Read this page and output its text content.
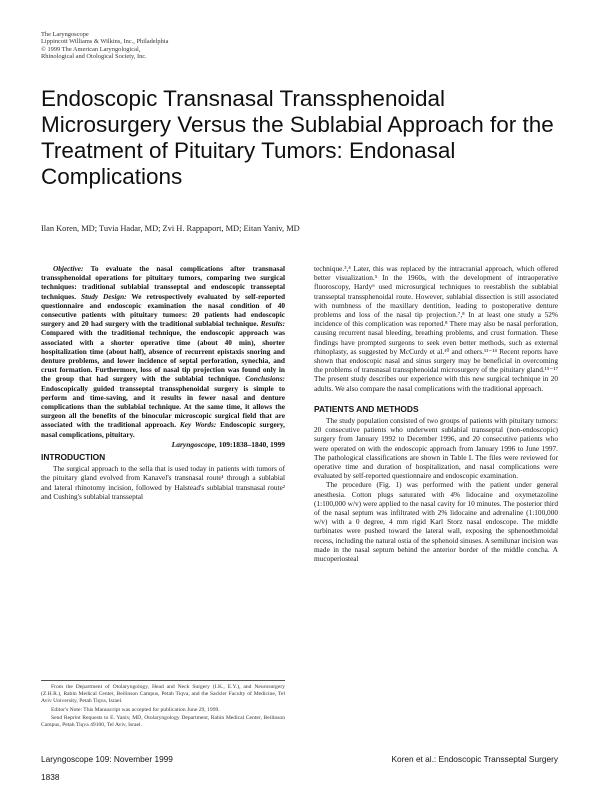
The Laryngoscope
Lippincott Williams & Wilkins, Inc., Philadelphia
© 1999 The American Laryngological,
Rhinological and Otological Society, Inc.
Endoscopic Transnasal Transsphenoidal Microsurgery Versus the Sublabial Approach for the Treatment of Pituitary Tumors: Endonasal Complications
Ilan Koren, MD; Tuvia Hadar, MD; Zvi H. Rappaport, MD; Eitan Yaniv, MD

Objective: To evaluate the nasal complications after transnasal transsphenoidal operations for pituitary tumors, comparing two surgical techniques: traditional sublabial transseptal and endoscopic transseptal techniques. Study Design: We retrospectively evaluated by self-reported questionnaire and endoscopic examination the nasal condition of 40 consecutive patients with pituitary tumors: 20 patients had endoscopic surgery and 20 had surgery with the traditional sublabial technique. Results: Compared with the traditional technique, the endoscopic approach was associated with a shorter operative time (about 40 min), shorter hospitalization time (about half), absence of recurrent epistaxis snoring and denture problems, and lower incidence of septal perforation, synechia, and crust formation. Furthermore, loss of nasal tip projection was found only in the group that had surgery with the sublabial technique. Conclusions: Endoscopically guided transseptal transsphenoidal surgery is simple to perform and time-saving, and it results in fewer nasal and denture complications than the sublabial technique. At the same time, it allows the surgeon all the benefits of the binocular microscopic surgical field that are associated with the traditional approach. Key Words: Endoscopic surgery, nasal complications, pituitary.

Laryngoscope, 109:1838–1840, 1999
INTRODUCTION

The surgical approach to the sella that is used today in patients with tumors of the pituitary gland evolved from Kanavel's transnasal route¹ through a sublabial and lateral rhinotomy incision, followed by Halstead's sublabial transnasal route² and Cushing's sublabial transseptal

technique.³,⁴ Later, this was replaced by the intracranial approach, which offered better visualization.⁵ In the 1960s, with the development of intraoperative fluoroscopy, Hardy⁶ used microsurgical techniques to reestablish the sublabial transseptal transsphenoidal route. However, sublabial dissection is still associated with numbness of the maxillary dentition, leading to postoperative denture problems and loss of the nasal tip projection.⁷,⁸ In at least one study a 52% incidence of this complication was reported.⁸ There may also be nasal perforation, causing recurrent nasal bleeding, breathing problems, and crust formation. These findings have prompted surgeons to seek even better methods, such as external rhinoplasty, as suggested by McCurdy et al.¹⁰ and others.¹¹⁻¹⁴ Recent reports have shown that endoscopic nasal and sinus surgery may be beneficial in overcoming the problems of transnasal transsphenoidal microsurgery of the pituitary gland.¹⁵⁻¹⁷ The present study describes our experience with this new surgical technique in 20 adults. We also compare the nasal complications with the traditional approach.

PATIENTS AND METHODS

The study population consisted of two groups of patients with pituitary tumors: 20 consecutive patients who underwent sublabial transseptal (non-endoscopic) surgery from January 1992 to December 1996, and 20 consecutive patients who were operated on with the endoscopic approach from January 1996 to June 1997. The pathological classifications are shown in Table I. The files were reviewed for operative time and duration of hospitalization, and nasal complications were evaluated by self-reported questionnaire and endoscopic examination.

The procedure (Fig. 1) was performed with the patient under general anesthesia. Cotton plugs saturated with 4% lidocaine and oxymetazoline (1:100,000 w/v) were applied to the nasal cavity for 10 minutes. The posterior third of the nasal septum was infiltrated with 2% lidocaine and adrenaline (1:100,000 w/v) with a 0 degree, 4 mm rigid Karl Storz nasal endoscope. The middle turbinates were pushed toward the lateral wall, exposing the sphenoethmoidal recess, including the natural ostia of the sphenoid sinuses. A semilunar incision was made in the nasal septum behind the anterior border of the middle concha. A mucoperiosteal

From the Department of Otolaryngology, Head and Neck Surgery (I.K., E.Y.), and Neurosurgery (Z.H.R.), Rabin Medical Center, Beilinson Campus, Petah Tiqva, and the Sackler Faculty of Medicine, Tel Aviv University, Petah Tiqva, Israel.

Editor's Note: This Manuscript was accepted for publication June 29, 1999.

Send Reprint Requests to E. Yaniv, MD, Otolaryngology Department, Rabin Medical Center, Beilinson Campus, Petah Tiqva 49100, Tel Aviv, Israel.

Laryngoscope 109: November 1999	Koren et al.: Endoscopic Transseptal Surgery
1838
